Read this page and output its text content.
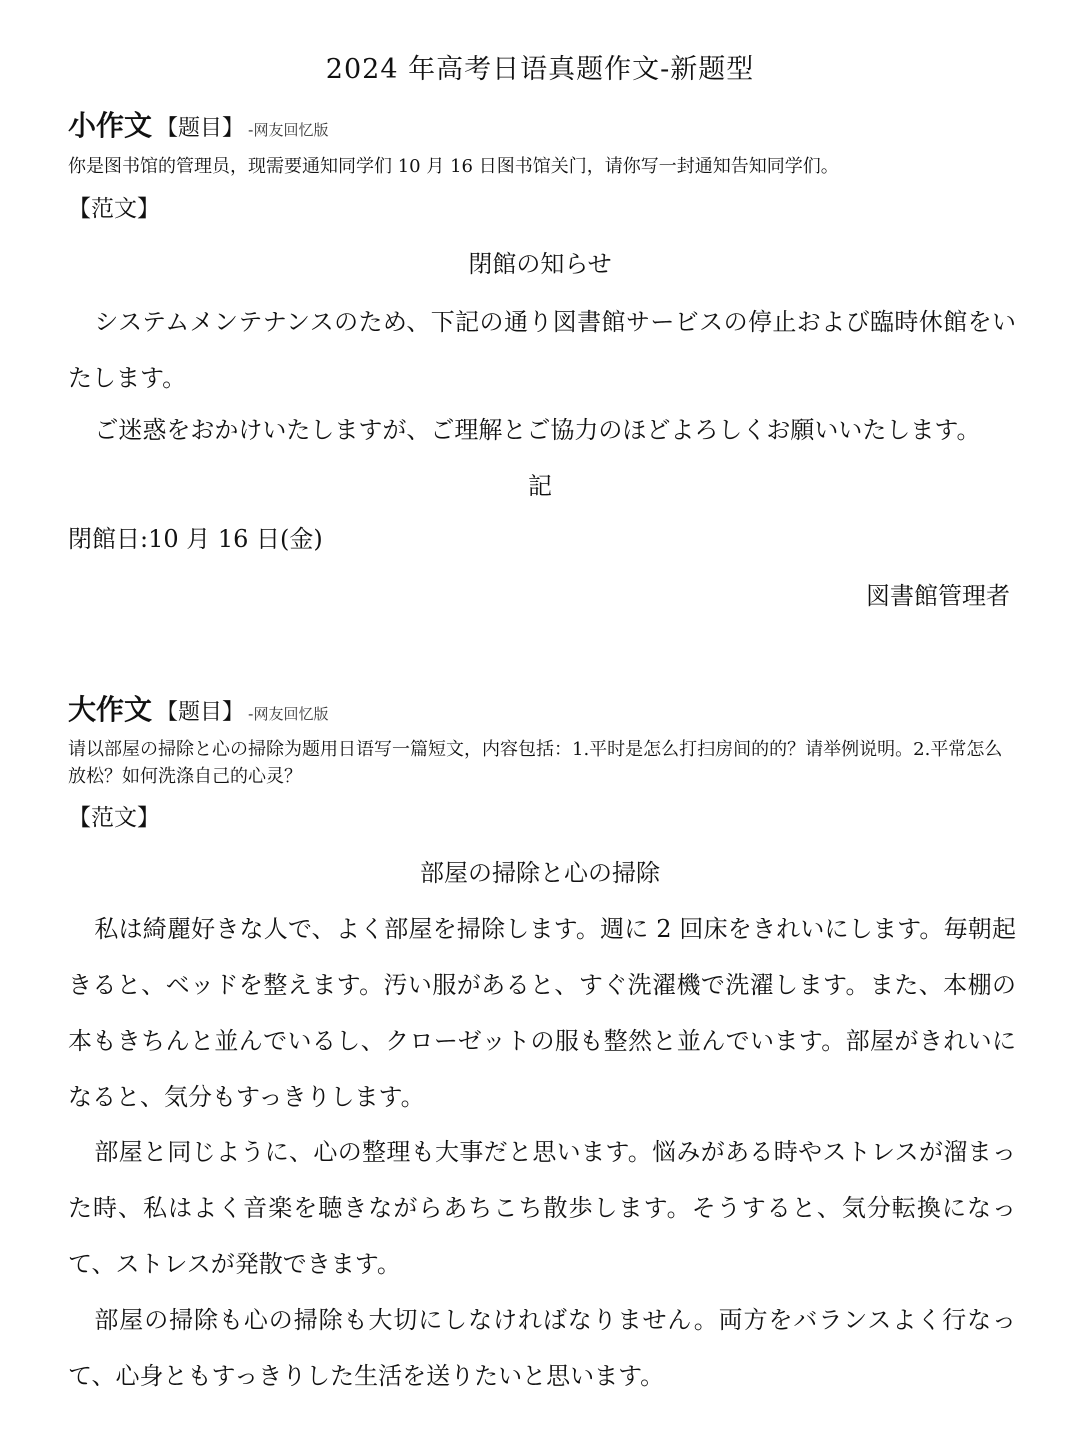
2024 年高考日语真题作文-新题型
小作文 【题目】 -网友回忆版
你是图书馆的管理员，现需要通知同学们 10 月 16 日图书馆关门，请你写一封通知告知同学们。
【范文】
閉館の知らせ
システムメンテナンスのため、下記の通り図書館サービスの停止および臨時休館をいたします。
ご迷惑をおかけいたしますが、ご理解とご協力のほどよろしくお願いいたします。
記
閉館日:10 月 16 日(金)
図書館管理者
大作文 【题目】 -网友回忆版
请以部屋の掃除と心の掃除为题用日语写一篇短文，内容包括：1.平时是怎么打扫房间的的？请举例说明。2.平常怎么放松？如何洗涤自己的心灵？
【范文】
部屋の掃除と心の掃除
私は綺麗好きな人で、よく部屋を掃除します。週に 2 回床をきれいにします。毎朝起きると、ベッドを整えます。汚い服があると、すぐ洗濯機で洗濯します。また、本棚の本もきちんと並んでいるし、クローゼットの服も整然と並んでいます。部屋がきれいになると、気分もすっきりします。
部屋と同じように、心の整理も大事だと思います。悩みがある時やストレスが溜まった時、私はよく音楽を聴きながらあちこち散歩します。そうすると、気分転換になって、ストレスが発散できます。
部屋の掃除も心の掃除も大切にしなければなりません。両方をバランスよく行なって、心身ともすっきりした生活を送りたいと思います。
